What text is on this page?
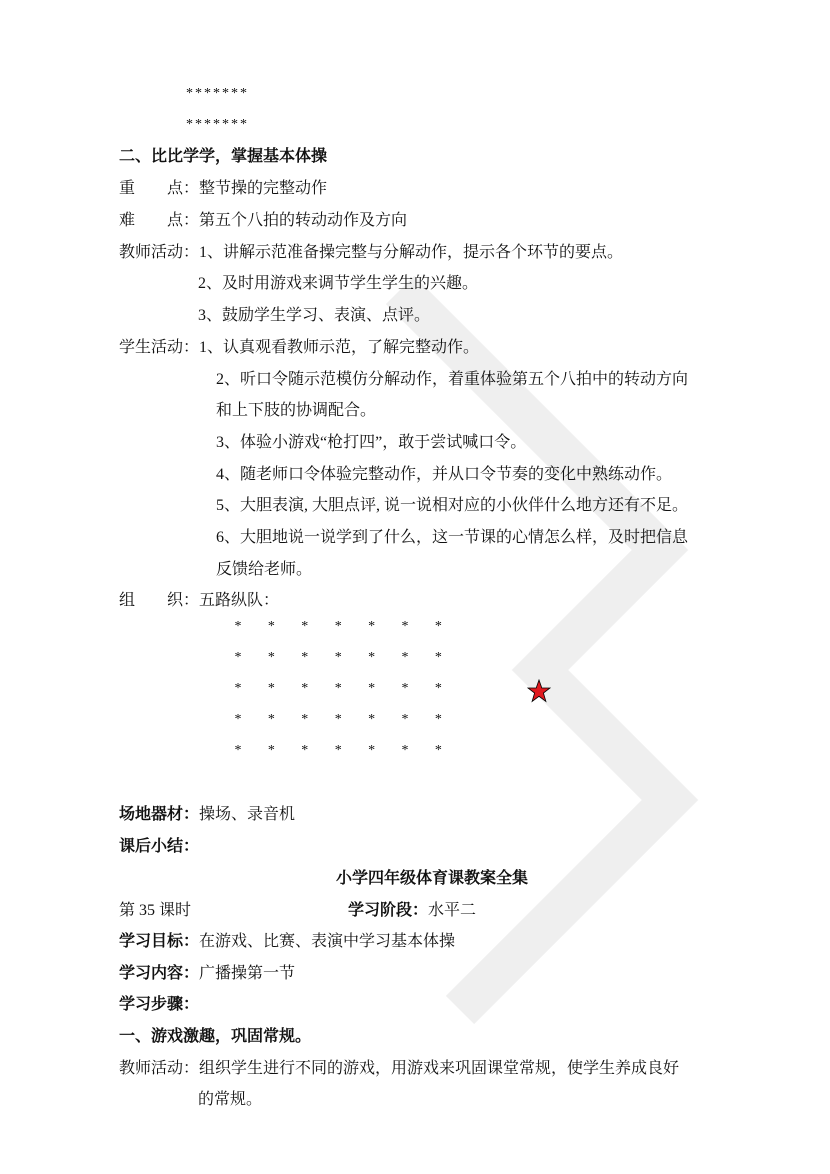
*******
*******
二、比比学学，掌握基本体操
重　　点：整节操的完整动作
难　　点：第五个八拍的转动动作及方向
教师活动：1、讲解示范准备操完整与分解动作，提示各个环节的要点。
2、及时用游戏来调节学生学生的兴趣。
3、鼓励学生学习、表演、点评。
学生活动：1、认真观看教师示范，了解完整动作。
2、听口令随示范模仿分解动作，着重体验第五个八拍中的转动方向
和上下肢的协调配合。
3、体验小游戏“枪打四”，敢于尝试喊口令。
4、随老师口令体验完整动作，并从口令节奏的变化中熟练动作。
5、大胆表演, 大胆点评, 说一说相对应的小伙伴什么地方还有不足。
6、大胆地说一说学到了什么，这一节课的心情怎么样，及时把信息
反馈给老师。
组　　织：五路纵队：
* * * * * * *
* * * * * * *
* * * * * * *
* * * * * * *
* * * * * * *
场地器材：操场、录音机
课后小结：
小学四年级体育课教案全集
第 35 课时	学习阶段：水平二
学习目标：在游戏、比赛、表演中学习基本体操
学习内容：广播操第一节
学习步骤：
一、游戏激趣，巩固常规。
教师活动：组织学生进行不同的游戏，用游戏来巩固课堂常规，使学生养成良好
的常规。
